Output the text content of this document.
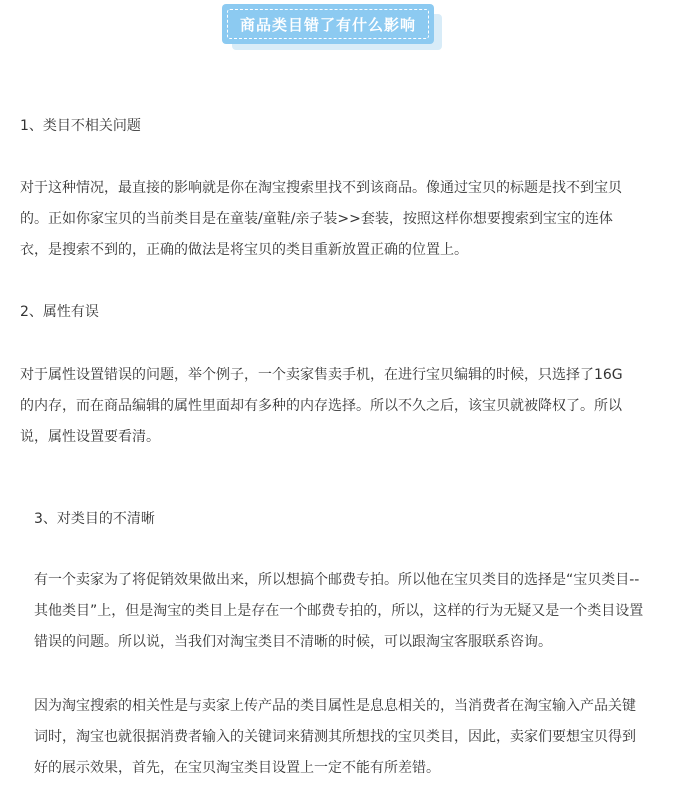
商品类目错了有什么影响
1、类目不相关问题
对于这种情况，最直接的影响就是你在淘宝搜索里找不到该商品。像通过宝贝的标题是找不到宝贝
的。正如你家宝贝的当前类目是在童装/童鞋/亲子装>>套装，按照这样你想要搜索到宝宝的连体
衣，是搜索不到的，正确的做法是将宝贝的类目重新放置正确的位置上。
2、属性有误
对于属性设置错误的问题，举个例子，一个卖家售卖手机，在进行宝贝编辑的时候，只选择了16G
的内存，而在商品编辑的属性里面却有多种的内存选择。所以不久之后，该宝贝就被降权了。所以
说，属性设置要看清。
3、对类目的不清晰
有一个卖家为了将促销效果做出来，所以想搞个邮费专拍。所以他在宝贝类目的选择是“宝贝类目--
其他类目”上，但是淘宝的类目上是存在一个邮费专拍的，所以，这样的行为无疑又是一个类目设置
错误的问题。所以说，当我们对淘宝类目不清晰的时候，可以跟淘宝客服联系咨询。
因为淘宝搜索的相关性是与卖家上传产品的类目属性是息息相关的，当消费者在淘宝输入产品关键
词时，淘宝也就很据消费者输入的关键词来猜测其所想找的宝贝类目，因此，卖家们要想宝贝得到
好的展示效果，首先，在宝贝淘宝类目设置上一定不能有所差错。
